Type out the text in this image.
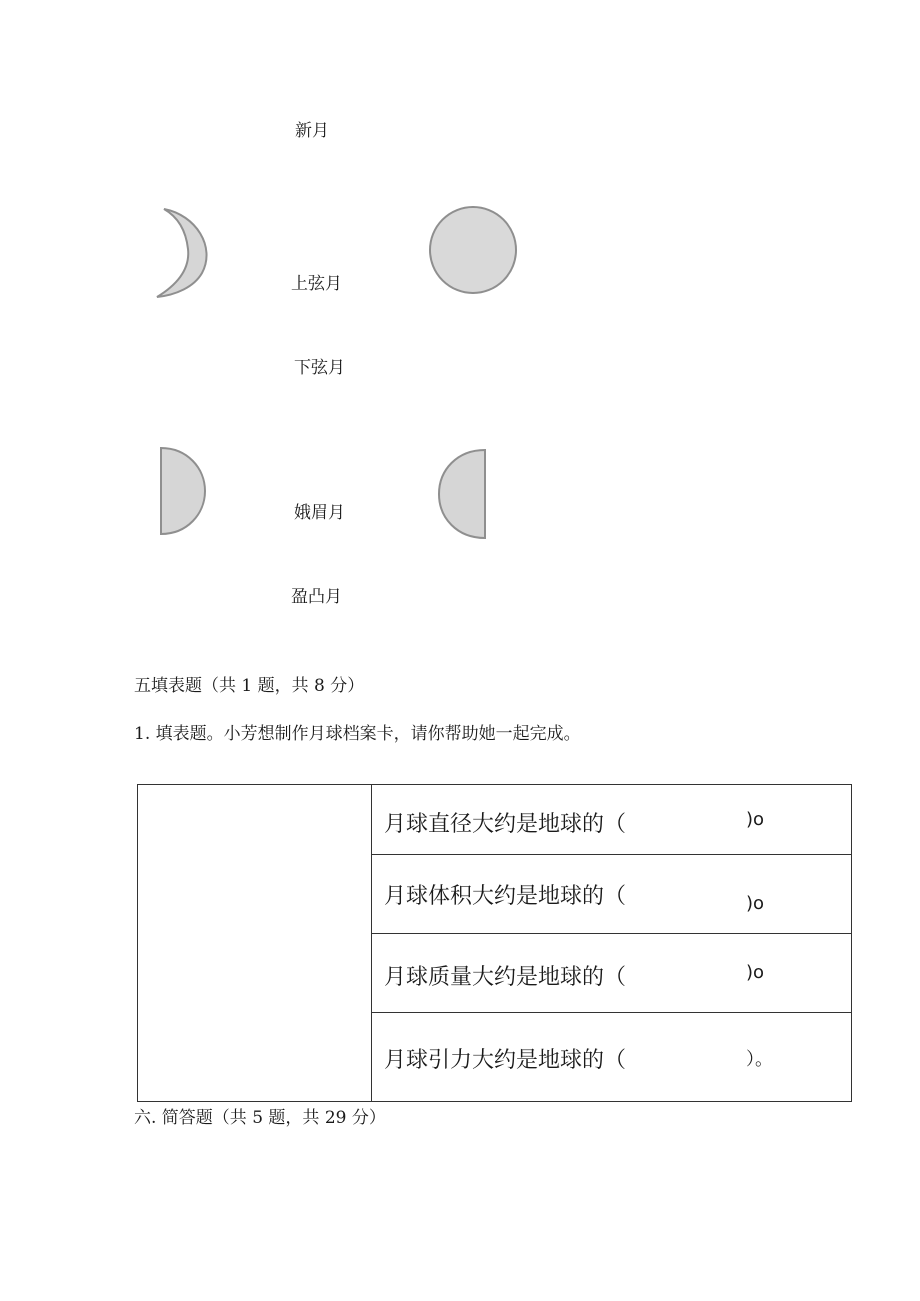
新月
上弦月
下弦月
娥眉月
盈凸月
五填表题（共 1 题，共 8 分）
1. 填表题。小芳想制作月球档案卡，请你帮助她一起完成。

月球直径大约是地球的（	)o

月球体积大约是地球的（	)o

月球质量大约是地球的（	)o

月球引力大约是地球的（	）。
六. 简答题（共 5 题，共 29 分）
